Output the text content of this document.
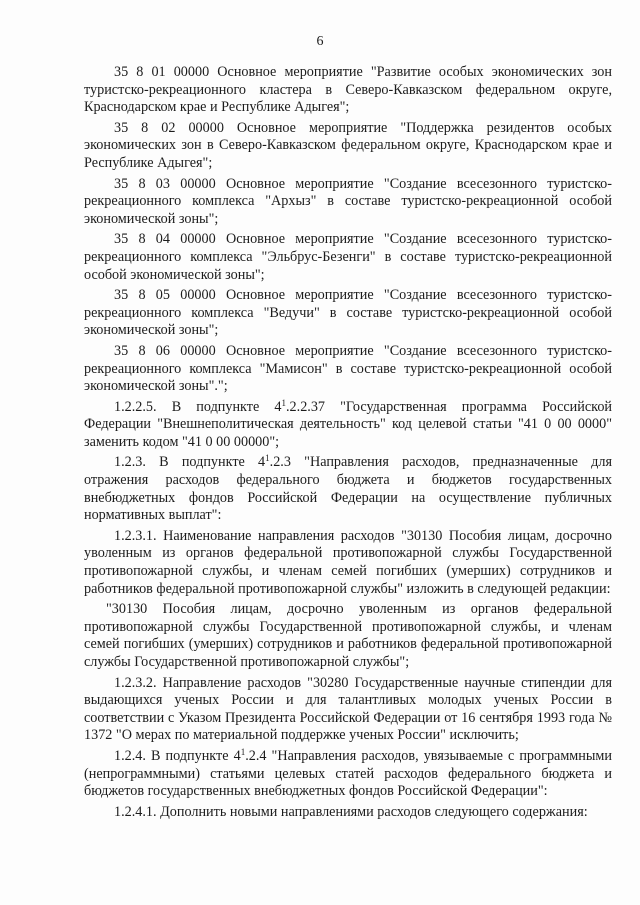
6

35 8 01 00000 Основное мероприятие "Развитие особых экономических зон туристско-рекреационного кластера в Северо-Кавказском федеральном округе, Краснодарском крае и Республике Адыгея";

35 8 02 00000 Основное мероприятие "Поддержка резидентов особых экономических зон в Северо-Кавказском федеральном округе, Краснодарском крае и Республике Адыгея";

35 8 03 00000 Основное мероприятие "Создание всесезонного туристско-рекреационного комплекса "Архыз" в составе туристско-рекреационной особой экономической зоны";

35 8 04 00000 Основное мероприятие "Создание всесезонного туристско-рекреационного комплекса "Эльбрус-Безенги" в составе туристско-рекреационной особой экономической зоны";

35 8 05 00000 Основное мероприятие "Создание всесезонного туристско-рекреационного комплекса "Ведучи" в составе туристско-рекреационной особой экономической зоны";

35 8 06 00000 Основное мероприятие "Создание всесезонного туристско-рекреационного комплекса "Мамисон" в составе туристско-рекреационной особой экономической зоны".";

1.2.2.5. В подпункте $4^1.2.2.37$ "Государственная программа Российской Федерации "Внешнеполитическая деятельность" код целевой статьи "41 0 00 0000" заменить кодом "41 0 00 00000";

1.2.3. В подпункте $4^1.2.3$ "Направления расходов, предназначенные для отражения расходов федерального бюджета и бюджетов государственных внебюджетных фондов Российской Федерации на осуществление публичных нормативных выплат":

1.2.3.1. Наименование направления расходов "30130 Пособия лицам, досрочно уволенным из органов федеральной противопожарной службы Государственной противопожарной службы, и членам семей погибших (умерших) сотрудников и работников федеральной противопожарной службы" изложить в следующей редакции:

"30130 Пособия лицам, досрочно уволенным из органов федеральной противопожарной службы Государственной противопожарной службы, и членам семей погибших (умерших) сотрудников и работников федеральной противопожарной службы Государственной противопожарной службы";

1.2.3.2. Направление расходов "30280 Государственные научные стипендии для выдающихся ученых России и для талантливых молодых ученых России в соответствии с Указом Президента Российской Федерации от 16 сентября 1993 года № 1372 "О мерах по материальной поддержке ученых России" исключить;

1.2.4. В подпункте $4^1.2.4$ "Направления расходов, увязываемые с программными (непрограммными) статьями целевых статей расходов федерального бюджета и бюджетов государственных внебюджетных фондов Российской Федерации":

1.2.4.1. Дополнить новыми направлениями расходов следующего содержания:
